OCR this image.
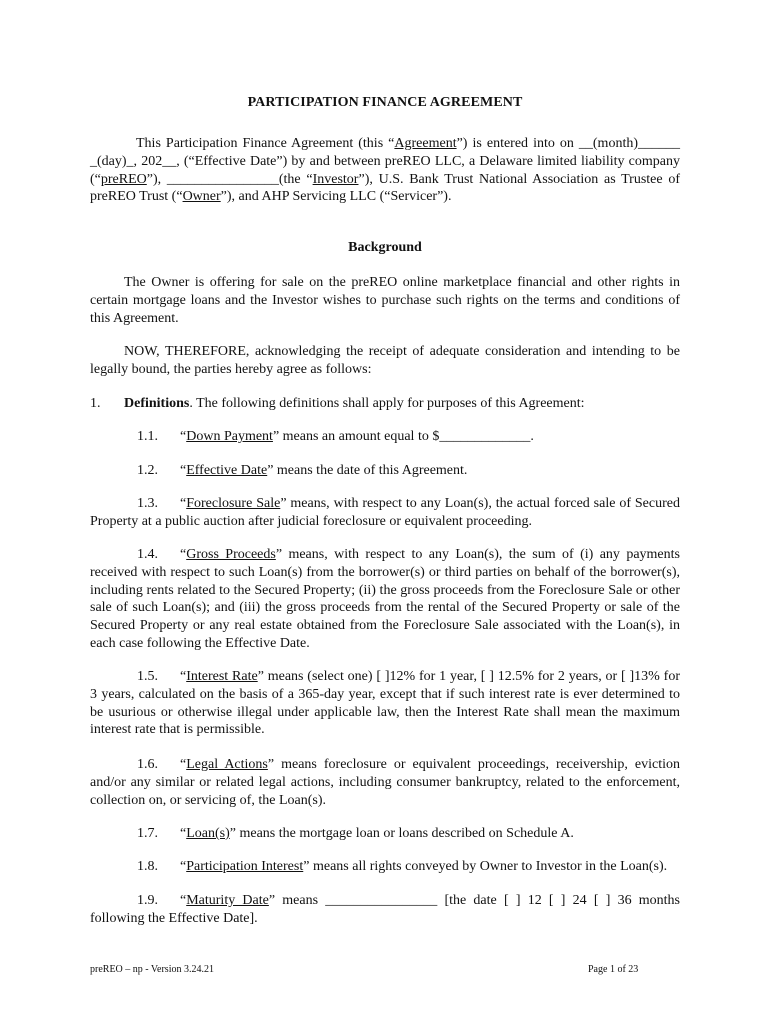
PARTICIPATION FINANCE AGREEMENT
This Participation Finance Agreement (this “Agreement”) is entered into on __(month)______ _(day)_, 202__, (“Effective Date”) by and between preREO LLC, a Delaware limited liability company (“preREO”), ________________(the “Investor”), U.S. Bank Trust National Association as Trustee of preREO Trust (“Owner”), and AHP Servicing LLC (“Servicer”).
Background
The Owner is offering for sale on the preREO online marketplace financial and other rights in certain mortgage loans and the Investor wishes to purchase such rights on the terms and conditions of this Agreement.
NOW, THEREFORE, acknowledging the receipt of adequate consideration and intending to be legally bound, the parties hereby agree as follows:
1. Definitions. The following definitions shall apply for purposes of this Agreement:
1.1. “Down Payment” means an amount equal to $_____________.
1.2. “Effective Date” means the date of this Agreement.
1.3. “Foreclosure Sale” means, with respect to any Loan(s), the actual forced sale of Secured Property at a public auction after judicial foreclosure or equivalent proceeding.
1.4. “Gross Proceeds” means, with respect to any Loan(s), the sum of (i) any payments received with respect to such Loan(s) from the borrower(s) or third parties on behalf of the borrower(s), including rents related to the Secured Property; (ii) the gross proceeds from the Foreclosure Sale or other sale of such Loan(s); and (iii) the gross proceeds from the rental of the Secured Property or sale of the Secured Property or any real estate obtained from the Foreclosure Sale associated with the Loan(s), in each case following the Effective Date.
1.5. “Interest Rate” means (select one) [ ]12% for 1 year, [ ] 12.5% for 2 years, or [ ]13% for 3 years, calculated on the basis of a 365-day year, except that if such interest rate is ever determined to be usurious or otherwise illegal under applicable law, then the Interest Rate shall mean the maximum interest rate that is permissible.
1.6. “Legal Actions” means foreclosure or equivalent proceedings, receivership, eviction and/or any similar or related legal actions, including consumer bankruptcy, related to the enforcement, collection on, or servicing of, the Loan(s).
1.7. “Loan(s)” means the mortgage loan or loans described on Schedule A.
1.8. “Participation Interest” means all rights conveyed by Owner to Investor in the Loan(s).
1.9. “Maturity Date” means ________________ [the date [ ] 12 [ ] 24 [ ] 36 months following the Effective Date].
preREO – np - Version 3.24.21	Page 1 of 23
